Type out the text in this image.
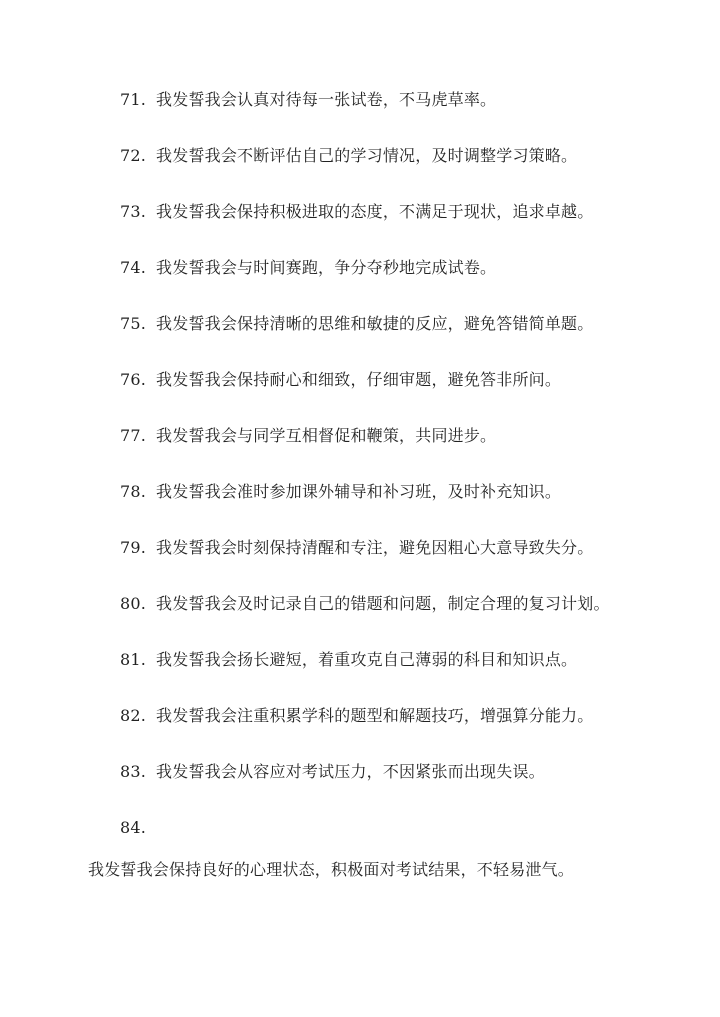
71. 我发誓我会认真对待每一张试卷，不马虎草率。
72. 我发誓我会不断评估自己的学习情况，及时调整学习策略。
73. 我发誓我会保持积极进取的态度，不满足于现状，追求卓越。
74. 我发誓我会与时间赛跑，争分夺秒地完成试卷。
75. 我发誓我会保持清晰的思维和敏捷的反应，避免答错简单题。
76. 我发誓我会保持耐心和细致，仔细审题，避免答非所问。
77. 我发誓我会与同学互相督促和鞭策，共同进步。
78. 我发誓我会准时参加课外辅导和补习班，及时补充知识。
79. 我发誓我会时刻保持清醒和专注，避免因粗心大意导致失分。
80. 我发誓我会及时记录自己的错题和问题，制定合理的复习计划。
81. 我发誓我会扬长避短，着重攻克自己薄弱的科目和知识点。
82. 我发誓我会注重积累学科的题型和解题技巧，增强算分能力。
83. 我发誓我会从容应对考试压力，不因紧张而出现失误。
84.
我发誓我会保持良好的心理状态，积极面对考试结果，不轻易泄气。
